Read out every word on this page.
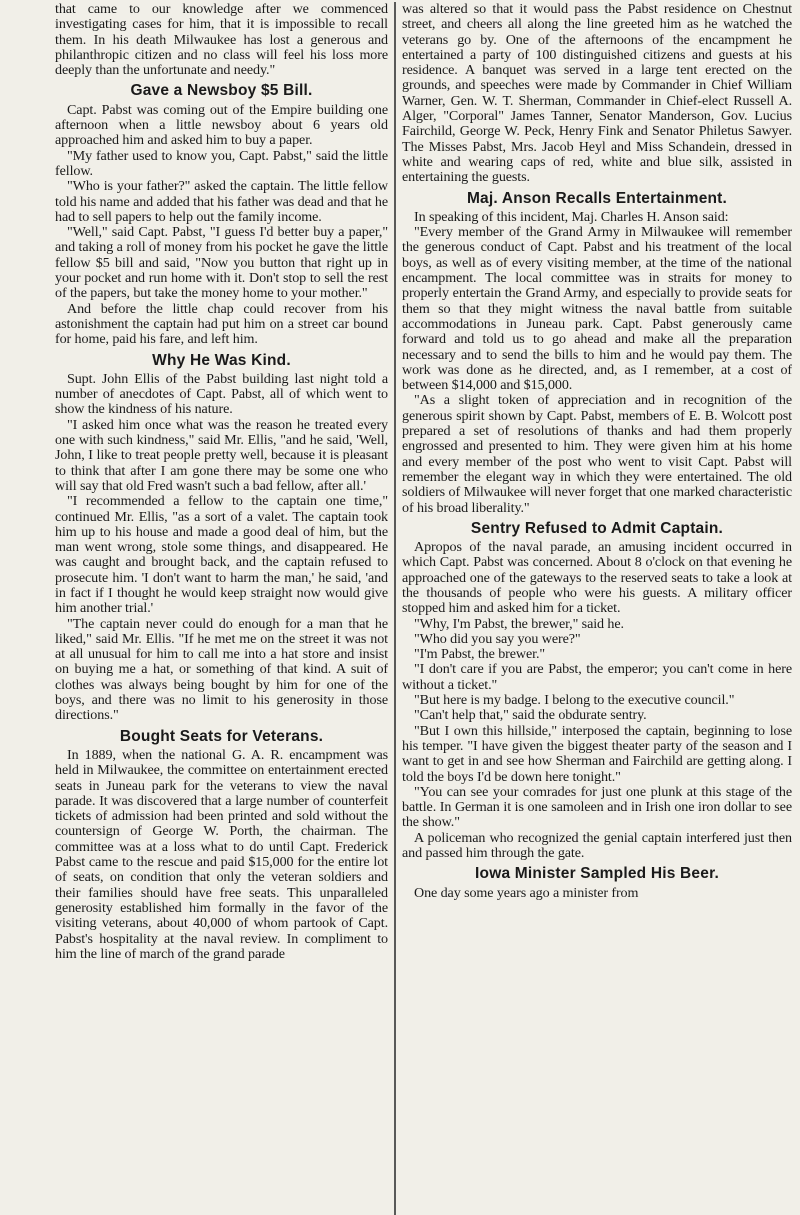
that came to our knowledge after we commenced investigating cases for him, that it is impossible to recall them. In his death Milwaukee has lost a generous and philanthropic citizen and no class will feel his loss more deeply than the unfortunate and needy."

Gave a Newsboy $5 Bill.

Capt. Pabst was coming out of the Empire building one afternoon when a little newsboy about 6 years old approached him and asked him to buy a paper.

"My father used to know you, Capt. Pabst," said the little fellow.

"Who is your father?" asked the captain. The little fellow told his name and added that his father was dead and that he had to sell papers to help out the family income.

"Well," said Capt. Pabst, "I guess I'd better buy a paper," and taking a roll of money from his pocket he gave the little fellow $5 bill and said, "Now you button that right up in your pocket and run home with it. Don't stop to sell the rest of the papers, but take the money home to your mother."

And before the little chap could recover from his astonishment the captain had put him on a street car bound for home, paid his fare, and left him.

Why He Was Kind.

Supt. John Ellis of the Pabst building last night told a number of anecdotes of Capt. Pabst, all of which went to show the kindness of his nature.

"I asked him once what was the reason he treated every one with such kindness," said Mr. Ellis, "and he said, 'Well, John, I like to treat people pretty well, because it is pleasant to think that after I am gone there may be some one who will say that old Fred wasn't such a bad fellow, after all.'

"I recommended a fellow to the captain one time," continued Mr. Ellis, "as a sort of a valet. The captain took him up to his house and made a good deal of him, but the man went wrong, stole some things, and disappeared. He was caught and brought back, and the captain refused to prosecute him. 'I don't want to harm the man,' he said, 'and in fact if I thought he would keep straight now would give him another trial.'

"The captain never could do enough for a man that he liked," said Mr. Ellis. "If he met me on the street it was not at all unusual for him to call me into a hat store and insist on buying me a hat, or something of that kind. A suit of clothes was always being bought by him for one of the boys, and there was no limit to his generosity in those directions."

Bought Seats for Veterans.

In 1889, when the national G. A. R. encampment was held in Milwaukee, the committee on entertainment erected seats in Juneau park for the veterans to view the naval parade. It was discovered that a large number of counterfeit tickets of admission had been printed and sold without the countersign of George W. Porth, the chairman. The committee was at a loss what to do until Capt. Frederick Pabst came to the rescue and paid $15,000 for the entire lot of seats, on condition that only the veteran soldiers and their families should have free seats. This unparalleled generosity established him formally in the favor of the visiting veterans, about 40,000 of whom partook of Capt. Pabst's hospitality at the naval review. In compliment to him the line of march of the grand parade

was altered so that it would pass the Pabst residence on Chestnut street, and cheers all along the line greeted him as he watched the veterans go by. One of the afternoons of the encampment he entertained a party of 100 distinguished citizens and guests at his residence. A banquet was served in a large tent erected on the grounds, and speeches were made by Commander in Chief William Warner, Gen. W. T. Sherman, Commander in Chief-elect Russell A. Alger, "Corporal" James Tanner, Senator Manderson, Gov. Lucius Fairchild, George W. Peck, Henry Fink and Senator Philetus Sawyer. The Misses Pabst, Mrs. Jacob Heyl and Miss Schandein, dressed in white and wearing caps of red, white and blue silk, assisted in entertaining the guests.

Maj. Anson Recalls Entertainment.

In speaking of this incident, Maj. Charles H. Anson said:

"Every member of the Grand Army in Milwaukee will remember the generous conduct of Capt. Pabst and his treatment of the local boys, as well as of every visiting member, at the time of the national encampment. The local committee was in straits for money to properly entertain the Grand Army, and especially to provide seats for them so that they might witness the naval battle from suitable accommodations in Juneau park. Capt. Pabst generously came forward and told us to go ahead and make all the preparation necessary and to send the bills to him and he would pay them. The work was done as he directed, and, as I remember, at a cost of between $14,000 and $15,000.

"As a slight token of appreciation and in recognition of the generous spirit shown by Capt. Pabst, members of E. B. Wolcott post prepared a set of resolutions of thanks and had them properly engrossed and presented to him. They were given him at his home and every member of the post who went to visit Capt. Pabst will remember the elegant way in which they were entertained. The old soldiers of Milwaukee will never forget that one marked characteristic of his broad liberality."

Sentry Refused to Admit Captain.

Apropos of the naval parade, an amusing incident occurred in which Capt. Pabst was concerned. About 8 o'clock on that evening he approached one of the gateways to the reserved seats to take a look at the thousands of people who were his guests. A military officer stopped him and asked him for a ticket.

"Why, I'm Pabst, the brewer," said he.

"Who did you say you were?"

"I'm Pabst, the brewer."

"I don't care if you are Pabst, the emperor; you can't come in here without a ticket."

"But here is my badge. I belong to the executive council."

"Can't help that," said the obdurate sentry.

"But I own this hillside," interposed the captain, beginning to lose his temper. "I have given the biggest theater party of the season and I want to get in and see how Sherman and Fairchild are getting along. I told the boys I'd be down here tonight."

"You can see your comrades for just one plunk at this stage of the battle. In German it is one samoleen and in Irish one iron dollar to see the show."

A policeman who recognized the genial captain interfered just then and passed him through the gate.

Iowa Minister Sampled His Beer.

One day some years ago a minister from
